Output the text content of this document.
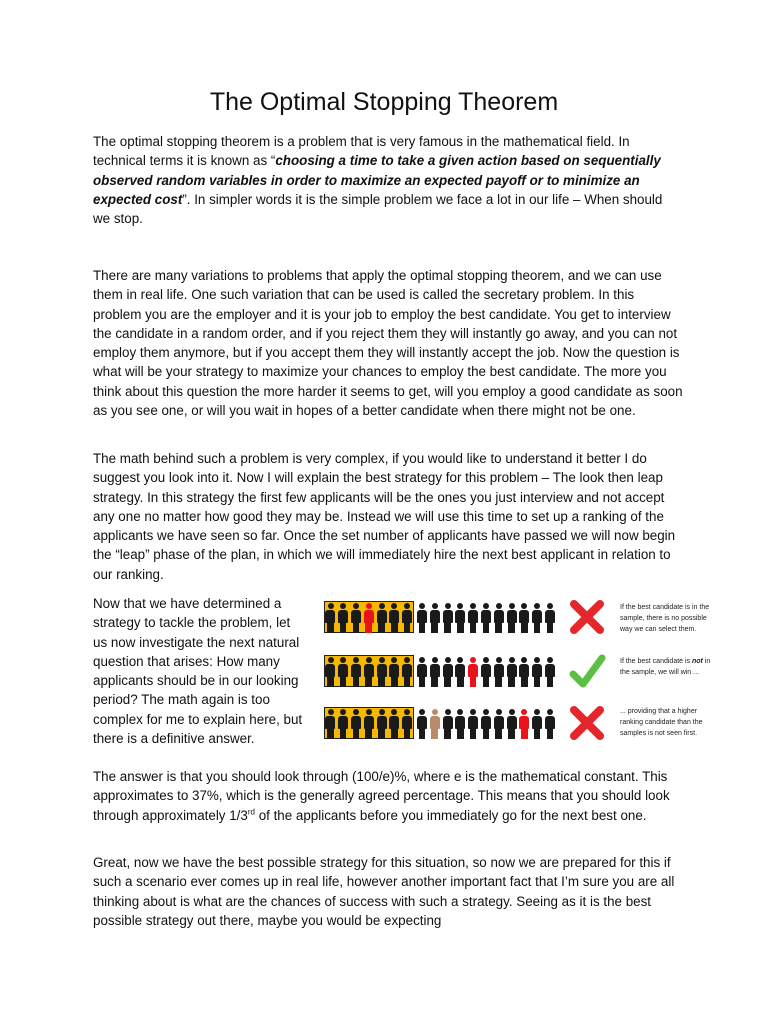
The Optimal Stopping Theorem

The optimal stopping theorem is a problem that is very famous in the mathematical field. In technical terms it is known as “choosing a time to take a given action based on sequentially observed random variables in order to maximize an expected payoff or to minimize an expected cost”. In simpler words it is the simple problem we face a lot in our life – When should we stop.

There are many variations to problems that apply the optimal stopping theorem, and we can use them in real life. One such variation that can be used is called the secretary problem. In this problem you are the employer and it is your job to employ the best candidate. You get to interview the candidate in a random order, and if you reject them they will instantly go away, and you can not employ them anymore, but if you accept them they will instantly accept the job. Now the question is what will be your strategy to maximize your chances to employ the best candidate. The more you think about this question the more harder it seems to get, will you employ a good candidate as soon as you see one, or will you wait in hopes of a better candidate when there might not be one.

The math behind such a problem is very complex, if you would like to understand it better I do suggest you look into it. Now I will explain the best strategy for this problem – The look then leap strategy. In this strategy the first few applicants will be the ones you just interview and not accept any one no matter how good they may be. Instead we will use this time to set up a ranking of the applicants we have seen so far. Once the set number of applicants have passed we will now begin the “leap” phase of the plan, in which we will immediately hire the next best applicant in relation to our ranking.

Now that we have determined a strategy to tackle the problem, let us now investigate the next natural question that arises: How many applicants should be in our looking period? The math again is too complex for me to explain here, but there is a definitive answer.

If the best candidate is in the
sample, there is no possible
way we can select them.
If the best candidate is not in
the sample, we will win ...
... providing that a higher
ranking candidate than the
samples is not seen first.

The answer is that you should look through (100/e)%, where e is the mathematical constant. This approximates to 37%, which is the generally agreed percentage. This means that you should look through approximately 1/3rd of the applicants before you immediately go for the next best one.

Great, now we have the best possible strategy for this situation, so now we are prepared for this if such a scenario ever comes up in real life, however another important fact that I’m sure you are all thinking about is what are the chances of success with such a strategy. Seeing as it is the best possible strategy out there, maybe you would be expecting
